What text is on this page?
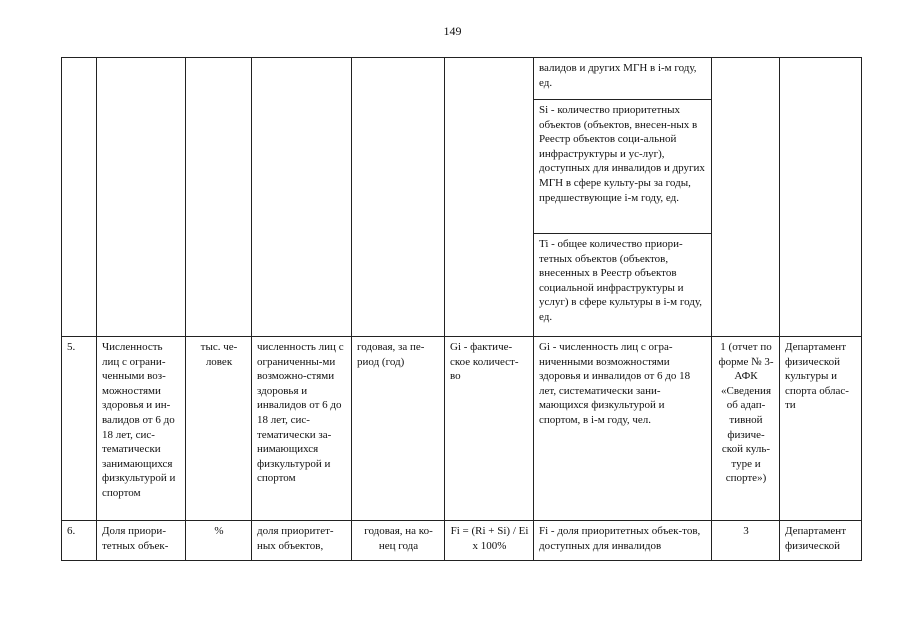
149
						валидов и других МГН в i-м году, ед.		
						Si - количество приоритетных объектов (объектов, внесен-ных в Реестр объектов соци-альной инфраструктуры и ус-луг), доступных для инвалидов и других МГН в сфере культу-ры за годы, предшествующие i-м году, ед.		
						Ti - общее количество приори-тетных объектов (объектов, внесенных в Реестр объектов социальной инфраструктуры и услуг) в сфере культуры в i-м году, ед.		
5.	Численность лиц с ограни-ченными воз-можностями здоровья и ин-валидов от 6 до 18 лет, сис-тематически занимающихся физкультурой и спортом	тыс. че-ловек	численность лиц с ограниченны-ми возможно-стями здоровья и инвалидов от 6 до 18 лет, сис-тематически за-нимающихся физкультурой и спортом	годовая, за пе-риод (год)	Gi - фактиче-ское количест-во	Gi - численность лиц с огра-ниченными возможностями здоровья и инвалидов от 6 до 18 лет, систематически зани-мающихся физкультурой и спортом, в i-м году, чел.	1 (отчет по форме № 3-АФК «Сведения об адап-тивной физиче-ской куль-туре и спорте»)	Департамент физической культуры и спорта облас-ти
6.	Доля приори-тетных объек-	%	доля приоритет-ных объектов,	годовая, на ко-нец года	Fi = (Ri + Si) / Ei x 100%	Fi - доля приоритетных объек-тов, доступных для инвалидов	3	Департамент физической
